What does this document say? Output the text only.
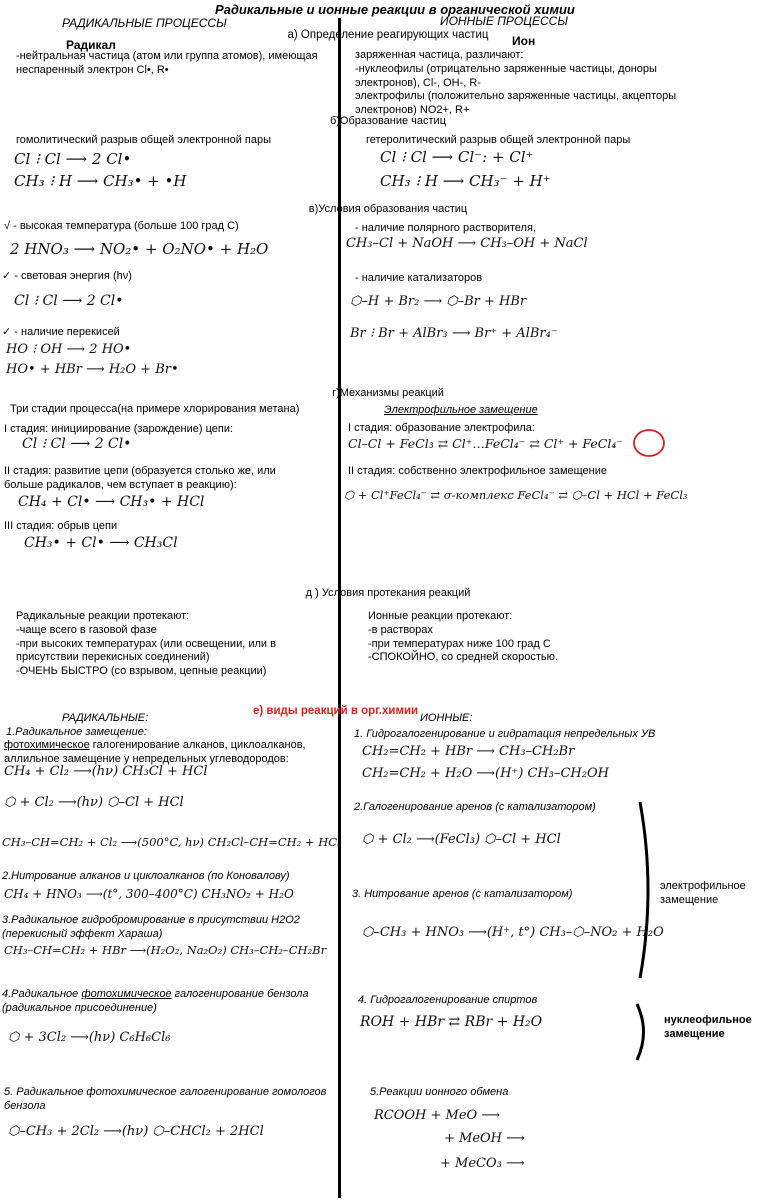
Радикальные и ионные реакции в органической химии
РАДИКАЛЬНЫЕ ПРОЦЕССЫ	ИОННЫЕ ПРОЦЕССЫ
а) Определение реагирующих частиц
Радикал
-нейтральная частица (атом или группа атомов), имеющая
неспаренный электрон Cl•, R•
Ион
заряженная частица, различают:
-нуклеофилы (отрицательно заряженные частицы, доноры
электронов), Cl-, OH-, R-
электрофилы (положительно заряженные частицы, акцепторы
электронов) NO2+, R+
б)Образование частиц
гомолитический разрыв общей электронной пары	гетеролитический разрыв общей электронной пары
Cl ⁝ Cl ⟶ 2 Cl•
CH₃ ⁝ H ⟶ CH₃• + •H
Cl ⁝ Cl ⟶ Cl⁻: + Cl⁺
CH₃ ⁝ H ⟶ CH₃⁻ + H⁺
в)Условия образования частиц
√ - высокая температура (больше 100 град С)
2 HNO₃ ⟶ NO₂• + O₂NO• + H₂O
✓ - световая энергия (hν)
Cl ⁝ Cl ⟶ 2 Cl•
✓ - наличие перекисей
HO ⁝ OH ⟶ 2 HO•
HO• + HBr ⟶ H₂O + Br•
- наличие полярного растворителя,
CH₃–Cl + NaOH ⟶ CH₃–OH + NaCl
- наличие катализаторов
⬡–H + Br₂ ⟶ ⬡–Br + HBr
Br ⁝ Br + AlBr₃ ⟶ Br⁺ + AlBr₄⁻
г)Механизмы реакций
Три стадии процесса(на примере хлорирования метана)	Электрофильное замещение
I стадия: инициирование (зарождение) цепи:
Cl ⁝ Cl ⟶ 2 Cl•
II стадия: развитие цепи (образуется столько же, или
больше радикалов, чем вступает в реакцию):
CH₄ + Cl• ⟶ CH₃• + HCl
III стадия: обрыв цепи
CH₃• + Cl• ⟶ CH₃Cl
I стадия: образование электрофила:
Cl–Cl + FeCl₃ ⇄ Cl⁺…FeCl₄⁻ ⇄ Cl⁺ + FeCl₄⁻
II стадия: собственно электрофильное замещение
⬡ + Cl⁺FeCl₄⁻ ⇄ σ-комплекс FeCl₄⁻ ⇄ ⬡–Cl + HCl + FeCl₃
д ) Условия протекания реакций
Радикальные реакции протекают:
-чаще всего в газовой фазе
-при высоких температурах (или освещении, или в
присутствии перекисных соединений)
-ОЧЕНЬ БЫСТРО (со взрывом, цепные реакции)
Ионные реакции протекают:
-в растворах
-при температурах ниже 100 град С
-СПОКОЙНО, со средней скоростью.
е) виды реакций в орг.химии
РАДИКАЛЬНЫЕ:	ИОННЫЕ:
1.Радикальное замещение:
фотохимическое галогенирование алканов, циклоалканов,
аллильное замещение у непредельных углеводородов:
CH₄ + Cl₂ ⟶(hν) CH₃Cl + HCl
⬡ + Cl₂ ⟶(hν) ⬡–Cl + HCl
CH₃–CH=CH₂ + Cl₂ ⟶(500°C, hν) CH₂Cl–CH=CH₂ + HCl
2.Нитрование алканов и циклоалканов (по Коновалову)
CH₄ + HNO₃ ⟶(t°, 300–400°C) CH₃NO₂ + H₂O
3.Радикальное гидробромирование в присутствии Н2О2
(перекисный эффект Хараша)
CH₃–CH=CH₂ + HBr ⟶(H₂O₂, Na₂O₂) CH₃–CH₂–CH₂Br
4.Радикальное фотохимическое галогенирование бензола
(радикальное присоединение)
⬡ + 3Cl₂ ⟶(hν) C₆H₆Cl₆
5. Радикальное фотохимическое галогенирование гомологов
бензола
⬡–CH₃ + 2Cl₂ ⟶(hν) ⬡–CHCl₂ + 2HCl
1. Гидрогалогенирование и гидратация непредельных УВ
CH₂=CH₂ + HBr ⟶ CH₃–CH₂Br
CH₂=CH₂ + H₂O ⟶(H⁺) CH₃–CH₂OH
2.Галогенирование аренов (с катализатором)
⬡ + Cl₂ ⟶(FeCl₃) ⬡–Cl + HCl
3. Нитрование аренов (с катализатором)
⬡–CH₃ + HNO₃ ⟶(H⁺, t°) CH₃–⬡–NO₂ + H₂O
электрофильное
замещение
4. Гидрогалогенирование спиртов
ROH + HBr ⇄ RBr + H₂O	нуклеофильное
замещение
5.Реакции ионного обмена
RCOOH + MeO ⟶
+ MeOH ⟶
+ MeCO₃ ⟶
